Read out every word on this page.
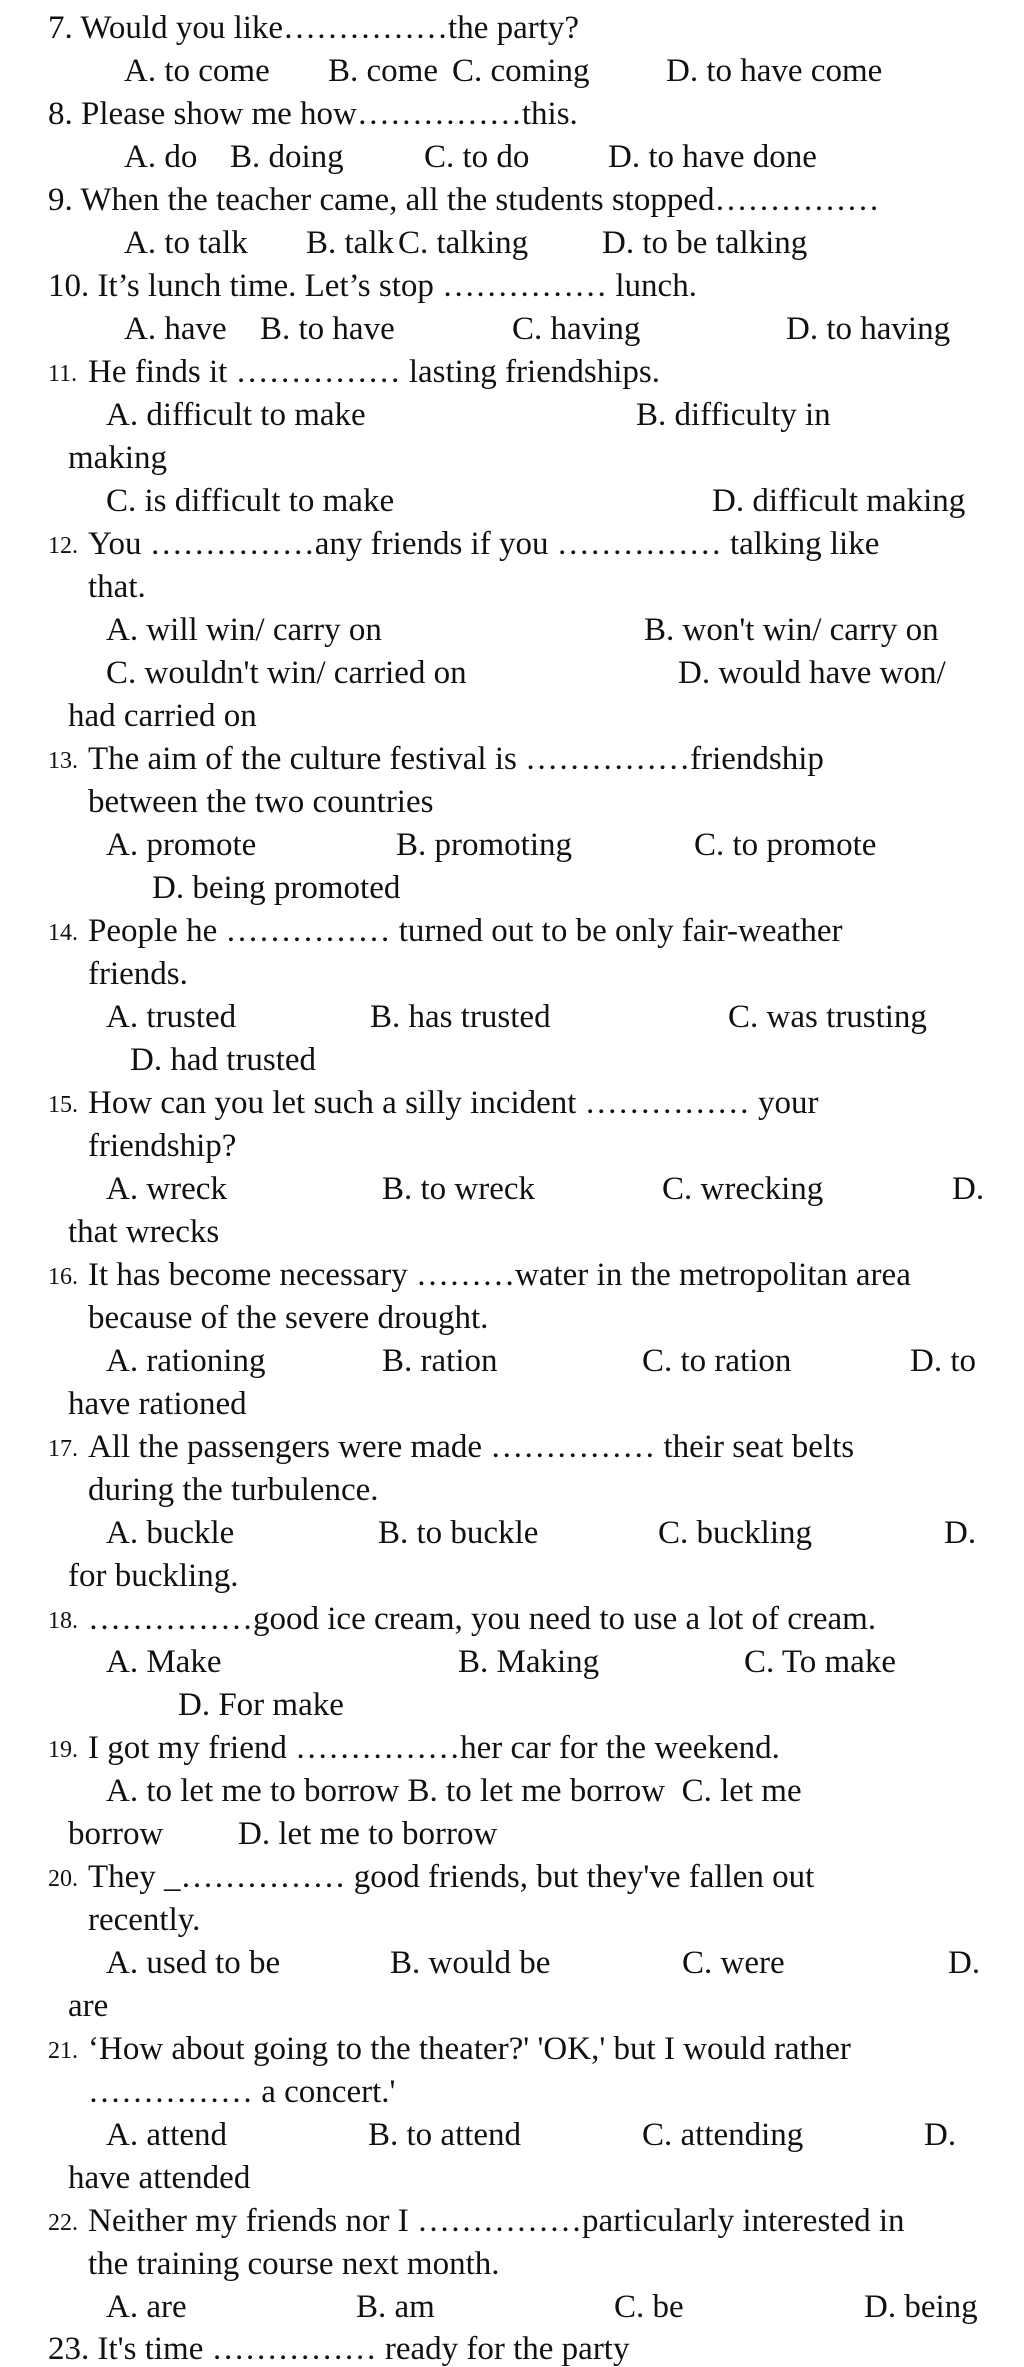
7. Would you like……………the party?
A. to come B. come C. coming D. to have come
8. Please show me how……………this.
A. do B. doing C. to do D. to have done
9. When the teacher came, all the students stopped……………
A. to talk B. talk C. talking D. to be talking
10. It’s lunch time. Let’s stop …………… lunch.
A. have B. to have	C. having	D. to having
11. He finds it …………… lasting friendships.
A. difficult to make	B. difficulty in
making
C. is difficult to make	D. difficult making
12. You ……………any friends if you …………… talking like
that.
A. will win/ carry on	B. won't win/ carry on
C. wouldn't win/ carried on	D. would have won/
had carried on
13. The aim of the culture festival is ……………friendship
between the two countries
A. promote	B. promoting	C. to promote
D. being promoted
14. People he …………… turned out to be only fair-weather
friends.
A. trusted	B. has trusted	C. was trusting
D. had trusted
15. How can you let such a silly incident …………… your
friendship?
A. wreck	B. to wreck	C. wrecking	D.
that wrecks
16. It has become necessary ………water in the metropolitan area
because of the severe drought.
A. rationing	B. ration	C. to ration	D. to
have rationed
17. All the passengers were made …………… their seat belts
during the turbulence.
A. buckle	B. to buckle	C. buckling	D.
for buckling.
18. ……………good ice cream, you need to use a lot of cream.
A. Make	B. Making	C. To make
D. For make
19. I got my friend ……………her car for the weekend.
A. to let me to borrow B. to let me borrow  C. let me
borrow D. let me to borrow
20. They _…………… good friends, but they've fallen out
recently.
A. used to be	B. would be	C. were	D.
are
21. ‘How about going to the theater?' 'OK,' but I would rather
…………… a concert.'
A. attend	B. to attend	C. attending	D.
have attended
22. Neither my friends nor I ……………particularly interested in
the training course next month.
A. are	B. am	C. be	D. being
23. It's time …………… ready for the party
